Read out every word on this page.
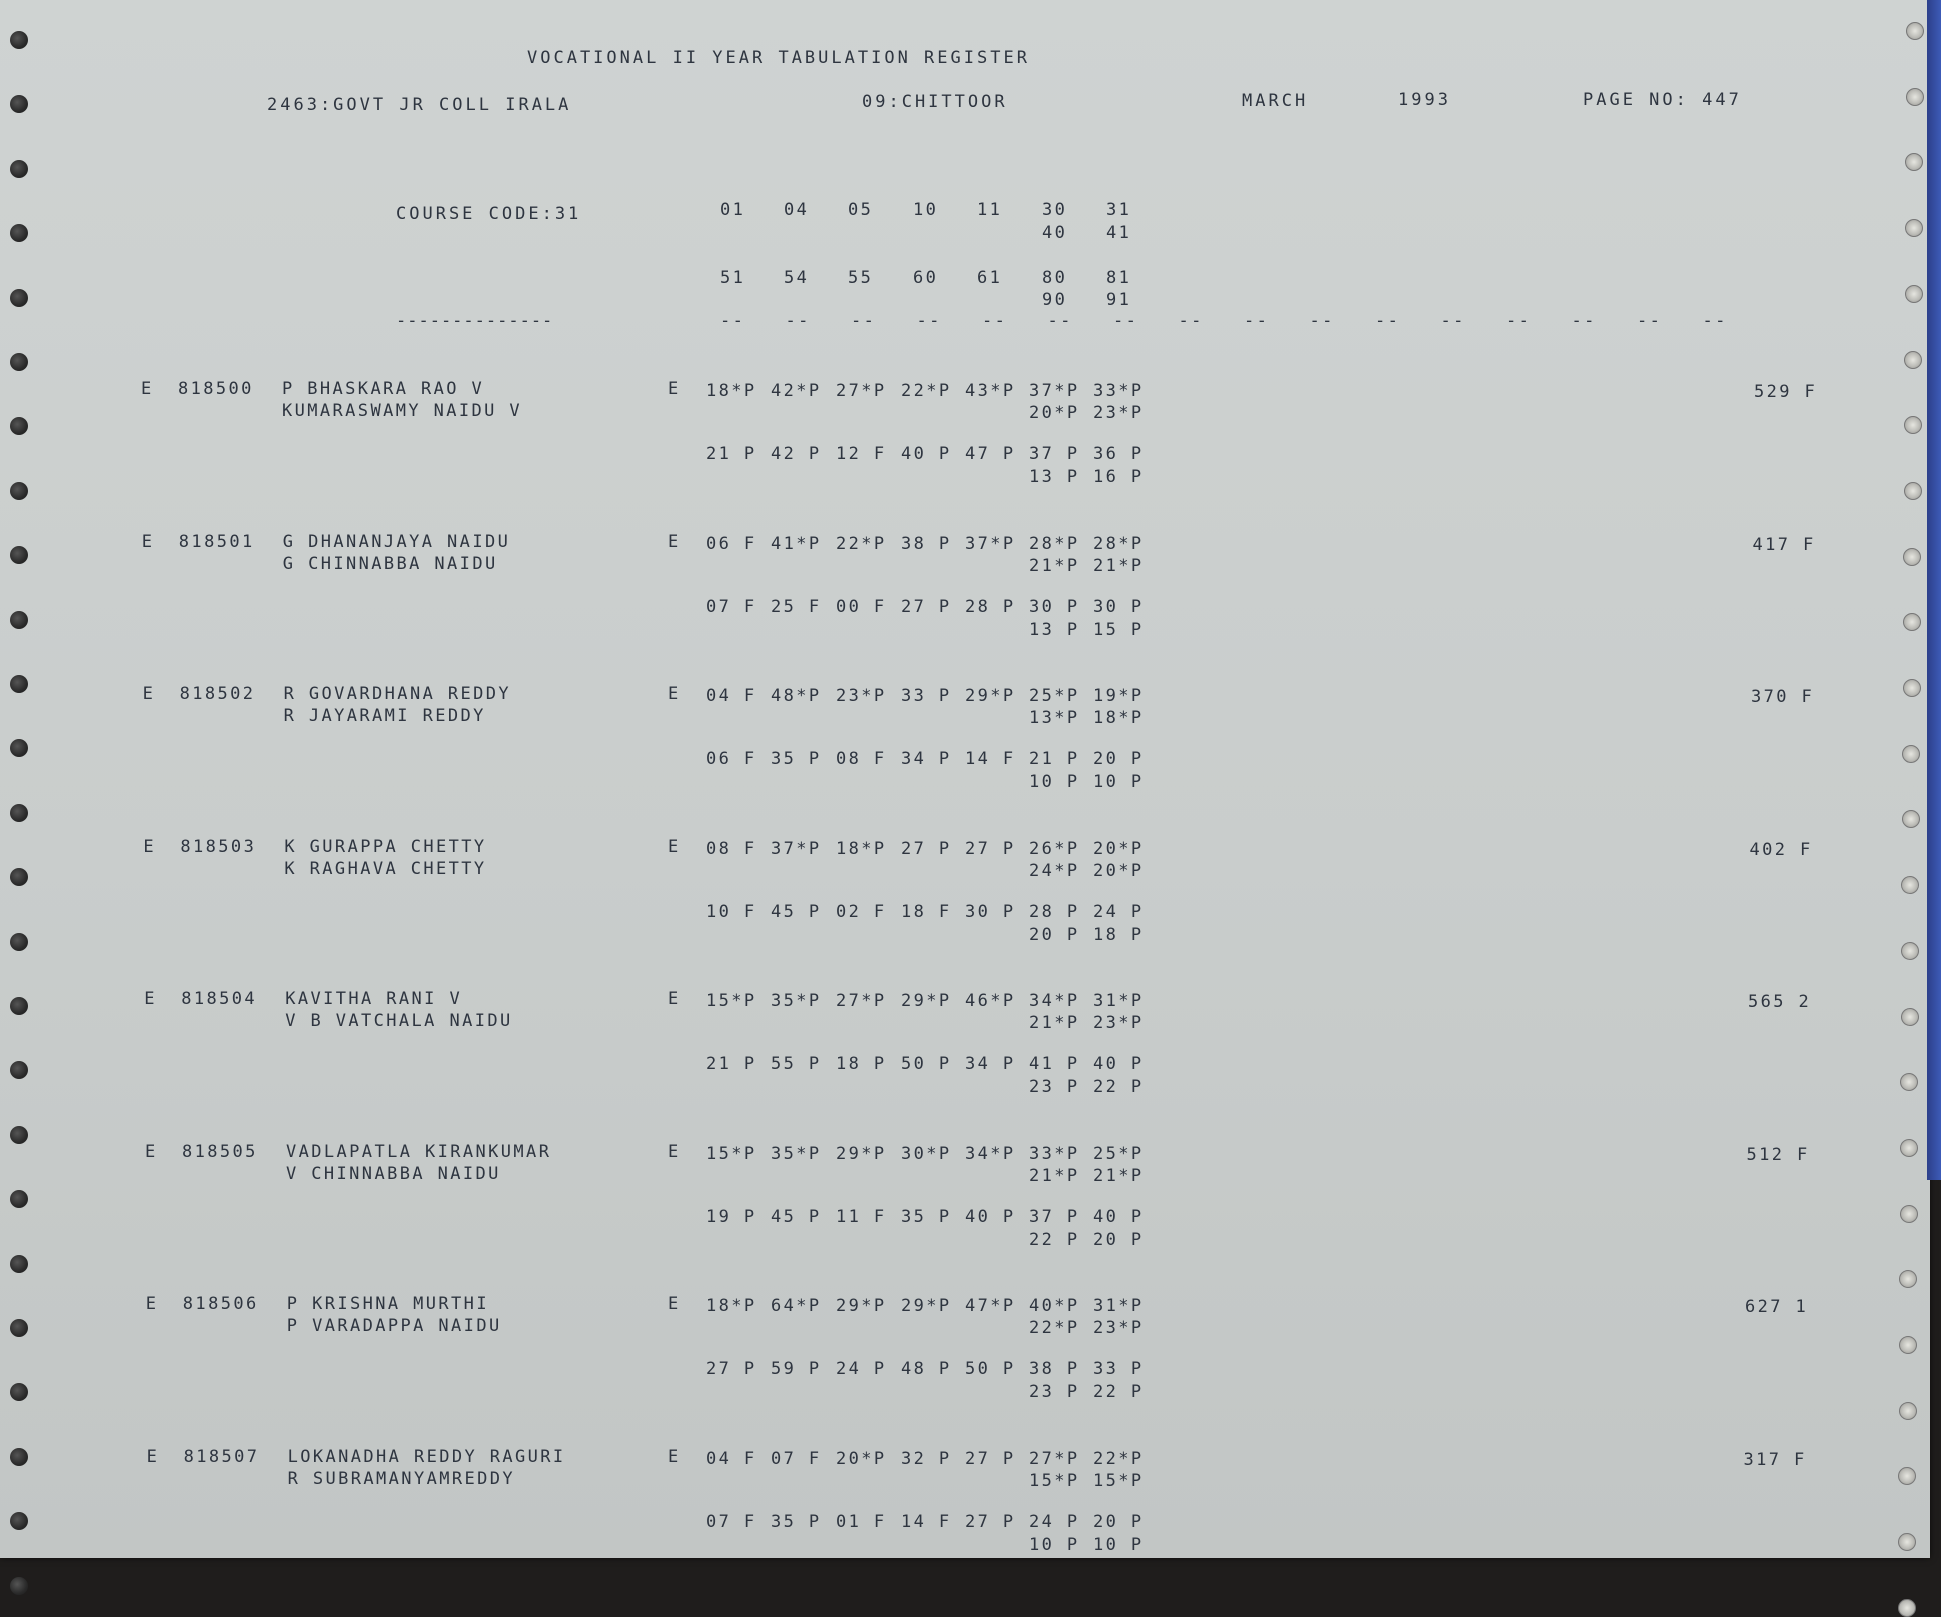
VOCATIONAL II YEAR TABULATION REGISTER
2463:GOVT JR COLL IRALA	09:CHITTOOR	MARCH	1993	PAGE NO: 447
COURSE CODE:31	01 04 05 10 11 30 31
40 41
51 54 55 60 61 80 81
90 91
--------------	-- -- -- -- -- -- -- -- -- -- -- -- -- -- -- --
E 818500 P BHASKARA RAO V
KUMARASWAMY NAIDU V
E 18*P 42*P 27*P 22*P 43*P 37*P 33*P
20*P 23*P
21 P 42 P 12 F 40 P 47 P 37 P 36 P
13 P 16 P
529 F
E 818501 G DHANANJAYA NAIDU
G CHINNABBA NAIDU
E 06 F 41*P 22*P 38 P 37*P 28*P 28*P
21*P 21*P
07 F 25 F 00 F 27 P 28 P 30 P 30 P
13 P 15 P
417 F
E 818502 R GOVARDHANA REDDY
R JAYARAMI REDDY
E 04 F 48*P 23*P 33 P 29*P 25*P 19*P
13*P 18*P
06 F 35 P 08 F 34 P 14 F 21 P 20 P
10 P 10 P
370 F
E 818503 K GURAPPA CHETTY
K RAGHAVA CHETTY
E 08 F 37*P 18*P 27 P 27 P 26*P 20*P
24*P 20*P
10 F 45 P 02 F 18 F 30 P 28 P 24 P
20 P 18 P
402 F
E 818504 KAVITHA RANI V
V B VATCHALA NAIDU
E 15*P 35*P 27*P 29*P 46*P 34*P 31*P
21*P 23*P
21 P 55 P 18 P 50 P 34 P 41 P 40 P
23 P 22 P
565 2
E 818505 VADLAPATLA KIRANKUMAR
V CHINNABBA NAIDU
E 15*P 35*P 29*P 30*P 34*P 33*P 25*P
21*P 21*P
19 P 45 P 11 F 35 P 40 P 37 P 40 P
22 P 20 P
512 F
E 818506 P KRISHNA MURTHI
P VARADAPPA NAIDU
E 18*P 64*P 29*P 29*P 47*P 40*P 31*P
22*P 23*P
27 P 59 P 24 P 48 P 50 P 38 P 33 P
23 P 22 P
627 1
E 818507 LOKANADHA REDDY RAGURI
R SUBRAMANYAMREDDY
E 04 F 07 F 20*P 32 P 27 P 27*P 22*P
15*P 15*P
07 F 35 P 01 F 14 F 27 P 24 P 20 P
10 P 10 P
317 F
